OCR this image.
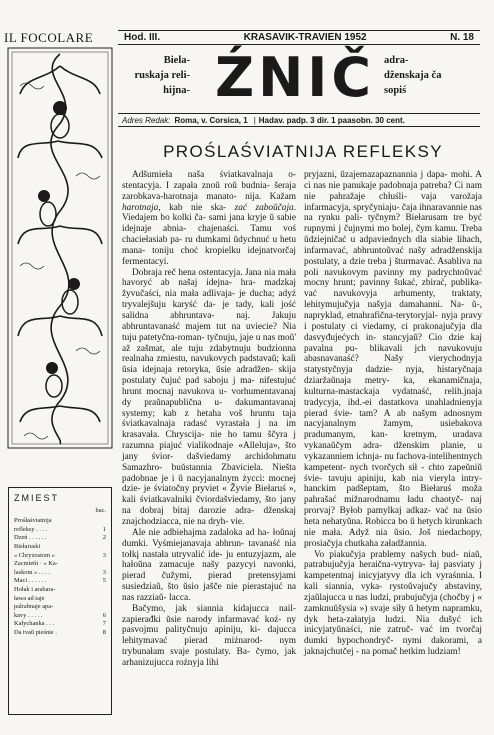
IL FOCOLARE	Hod. III.	KRASAVIK-TRAVIEN 1952	N. 18
Biela-
ruskaja reli-
hijna- ŹNIČ adra-
dženskaja ča
sopiś
Adres Redak: Roma, v. Corsica, 1 | Hadav. padp. 3 dir. 1 paasobn. 30 cent.
PROŚLAŚVIATNIJA REFLEKSY

Adšumieła naša śviatkavalnaja o- stentacyja. I zapała znoŭ roŭ budnia- šeraja zarobkava-harotnaja manato- nija. Kažam harotnaja, kab nie ska- zać zaboŭčaja. Viedajem bo kolki ča- sami jana kryje ŭ sabie idejnaje abnia- chajenaści. Tamu voś chaciełasiab pa- ru dumkami ŭdychnuć u hetu mana- toniju choć kropielku idejnatvorčaj fermentacyi.

Dobraja reč hena ostentacyja. Jana nia mała havoryć ab našaj idejna- hra- madzkaj žyvučaści, nia mała adlivaja- je ducha; adyź tryvalejšuju karyść da- je tady, kali jość salidna abhruntava- naj. Jakuju abhruntavanaść majem tut na uviecie? Nia tuju patetyčna-roman- tyčnuju, jaje u nas moŭ' až zašmat, ale tuju zdabytnuju budzionna realnaha zmiestu, navukovych padstavaŭ; kali ŭsia idejnaja retoryka, ŭsie adradžen- skija postulaty čujuć pad saboju j ma- nifestujuć hrunt mocnaj navukova u- vorhumentavanaj dy praŭnapublična u- dakumantavanaj systemy; kab z hetaha voš hruntu taja śviatkavalnaja radasć vyrastała j na im krasavała. Chryscija- nie ho tamu ščyra j razumna piajuć vialikodnaje «Alleluja», što jany śvior- dašviedamy archidohmatu Samazhro- buŭstannia Zbaviciela. Niešta padobnae je i ŭ nacyjanalnym życci: mocnej dzie- je śviatočny pryviet « Žyvie Biełaruś », kali śviatkavalniki čviordašviedamy, što jany na dobraj bitaj darozie adra- dženskaj znajchodziacca, nie na dryh- vie.

Ale nie adbiehajma zadaloka ad ha- łoŭnaj dumki. Vyśmiejanavaja abhrun- tavanaść nia tołkį nastała utryvalić ide- ju entuzyjazm, ale hałoŭna zamacuje našy pazycyi navonki, pierad čužymi, pierad pretensyjami susiedziaŭ, što ŭsio jašče nie pierastajuć na nas razziaŭ- lacca.

Bačymo, jak siannia kidajucca nail- zapierađki ŭsie narody infarmavać koź- ny pasvojmu palityčnuju apiniju, ki- dajucca lehitymavać pierad miżnarod- nym trybunałam svaje postulaty. Ba- čymo, jak arhanizujucca roźnyja lihi

pryjazni, ŭzajemazapaznannia j dapa- mohi. A ci nas nie panukaje padobnaja patreba? Ci nam nie pahražaje chłuśli- vaja varožaja infarmacyja, spryčyniaju- čaja ihnaravannie nas na rynku pali- tyčnym? Biełarusam tre być rupnymi j čujnymi mo bolej, čym kamu. Treba ŭdziejničać u adpaviednych dla siabie lihach, infarmavać, abhruntoŭvać našy adradženskija postulaty, a dzie treba j šturmavać. Asabliva na poli navukovym pavinny my padrychtoŭvać mocny hrunt; pavinny šukać, zbirać, publika- vać navukovyja arhumenty, traktaty, lehitymujučyja našyja damahanni. Na- ŭ-, napryklad, etnahrafična-terytoryjal- nyja pravy i postulaty ci viedamy, ci prakonajučyja dla dasvyđujećych in- stancyjaŭ? Cio dzie kaj pavalna pu- blikavali jch navukovuju abasnavanaść? Našy vierychodnyja statystyčnyja dadzie- nyja, histaryčnaja dziaržaŭnaja metry- ka, ekanamičnaja, kulturna-mastackaja vydatnaść, relih.jnaja tradycyja, ihd.-ei dastatkova unahladnienyja pierad śvie- tam? A ab našym adnosnym nacyjanalnym žamym, usiebakova pradumanym, kan- kretnym, uradava vykanaŭčym adra- dženskim planie, u vykazanniem ichnja- nu fachova-intelihentnych kampetent- nych tvorčych sił - chto zapeŭniŭ śvie- tavuju apiniju, kab nia vieryla intry- hanckim padšeptam, što Biełaruś moža pahrašać mižnarodnamu ładu chaotyč- naj prorvaj? Byłob pamylkaj adkaz- vać na ŭsio heta nehatyŭna. Robicca bo ŭ hetych kirunkach nie mała. Adyž nia ŭsio. Još niedachopy, prosiačyja chutkaha załadžannia.

Vo piakučyja prablemy našych bud- niaŭ, patrabujučyja heraična-vytryva- łaj pasviaty j kampetentnaj inicyjatyvy dla ich vyraśnnia. I kali siannia, vyka- rystoŭvajučy abstaviny, zjaŭlajucca u nas ludzi, prabujučyja (chočby j « zamknuŭšysia ») svaje siły ŭ hetym napramku, dyk heta-załatyja ludzi. Nia dušyć ich inicyjatyŭnaści, nie zatruč- vać im tvorčaj dumki hypochondryč- nymi dakorami, a jaknajchutčej - na pomač hetkim ludziam!

ZMIEST
bac.
Prośłaśviatnija
refleksy . . . .	1
Dzeń . . . . . .	2
Biełaruski
« Chryzostom »	3
Zacmieńi · « Ka-
laskom » . . . .	3
Maci . . . . . .	5
Hołak i arabara-
ława ad taje
palrabnaje apa-
kavy . . . . .	6
Kałychanka . . .	7
Da tvaŭ pieśnie .	8
